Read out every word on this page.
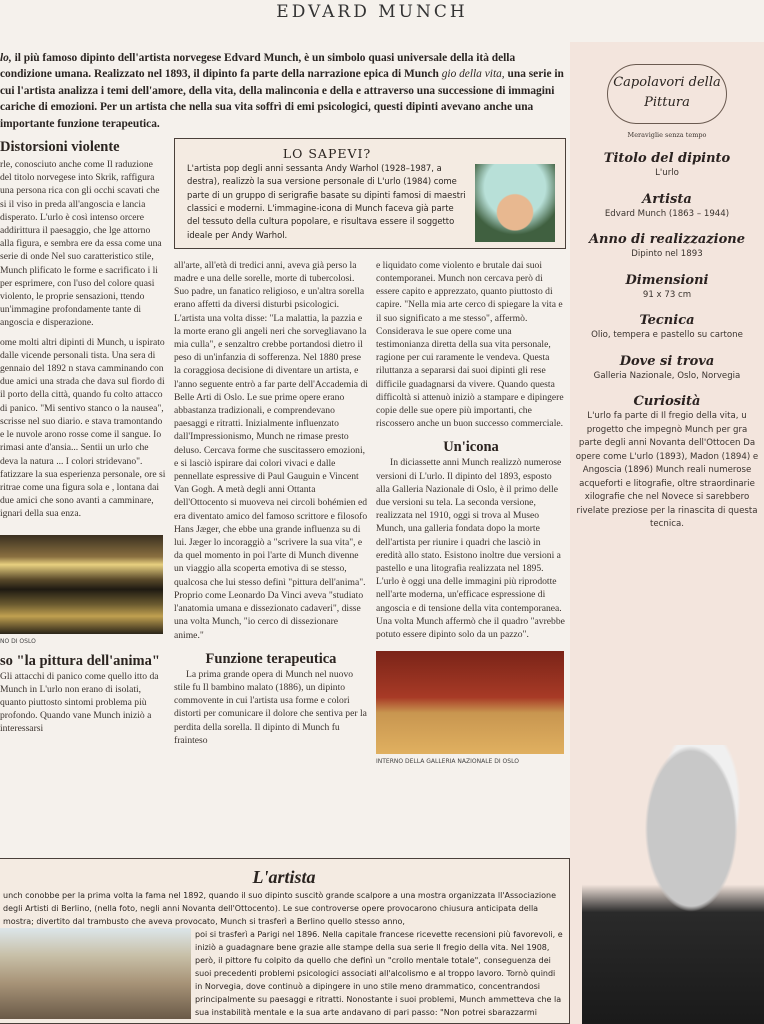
EDVARD MUNCH
lo, il più famoso dipinto dell'artista norvegese Edvard Munch, è un simbolo quasi universale della ità della condizione umana. Realizzato nel 1893, il dipinto fa parte della narrazione epica di Munch gio della vita, una serie in cui l'artista analizza i temi dell'amore, della vita, della malinconia e della e attraverso una successione di immagini cariche di emozioni. Per un artista che nella sua vita soffrì di emi psicologici, questi dipinti avevano anche una importante funzione terapeutica.
Distorsioni violente
rle, conosciuto anche come Il raduzione del titolo norvegese into Skrik, raffigura una persona rica con gli occhi scavati che si il viso in preda all'angoscia e lancia disperato. L'urlo è così intenso orcere addirittura il paesaggio, che lge attorno alla figura, e sembra ere da essa come una serie di onde Nel suo caratteristico stile, Munch plificato le forme e sacrificato i li per esprimere, con l'uso del colore quasi violento, le proprie sensazioni, ttendo un'immagine profondamente tante di angoscia e disperazione.
ome molti altri dipinti di Munch, u ispirato dalle vicende personali tista. Una sera di gennaio del 1892 n stava camminando con due amici una strada che dava sul fiordo di il porto della città, quando fu colto attacco di panico. "Mi sentivo stanco o la nausea", scrisse nel suo diario. e stava tramontando e le nuvole arono rosse come il sangue. Io rimasi ante d'ansia... Sentii un urlo che deva la natura ... I colori stridevano". fatizzare la sua esperienza personale, ore si ritrae come una figura sola e , lontana dai due amici che sono avanti a camminare, ignari della sua enza.
NO DI OSLO
so "la pittura dell'anima"
Gli attacchi di panico come quello itto da Munch in L'urlo non erano di isolati, quanto piuttosto sintomi problema più profondo. Quando vane Munch iniziò a interessarsi
LO SAPEVI?
L'artista pop degli anni sessanta Andy Warhol (1928–1987, a destra), realizzò la sua versione personale di L'urlo (1984) come parte di un gruppo di serigrafie basate su dipinti famosi di maestri classici e moderni. L'immagine-icona di Munch faceva già parte del tessuto della cultura popolare, e risultava essere il soggetto ideale per Andy Warhol.
all'arte, all'età di tredici anni, aveva già perso la madre e una delle sorelle, morte di tubercolosi. Suo padre, un fanatico religioso, e un'altra sorella erano affetti da diversi disturbi psicologici. L'artista una volta disse: "La malattia, la pazzia e la morte erano gli angeli neri che sorvegliavano la mia culla", e senzaltro crebbe portandosi dietro il peso di un'infanzia di sofferenza. Nel 1880 prese la coraggiosa decisione di diventare un artista, e l'anno seguente entrò a far parte dell'Accademia di Belle Arti di Oslo. Le sue prime opere erano abbastanza tradizionali, e comprendevano paesaggi e ritratti. Inizialmente influenzato dall'Impressionismo, Munch ne rimase presto deluso. Cercava forme che suscitassero emozioni, e si lasciò ispirare dai colori vivaci e dalle pennellate espressive di Paul Gauguin e Vincent Van Gogh. A metà degli anni Ottanta dell'Ottocento si muoveva nei circoli bohémien ed era diventato amico del famoso scrittore e filosofo Hans Jæger, che ebbe una grande influenza su di lui. Jæger lo incoraggiò a "scrivere la sua vita", e da quel momento in poi l'arte di Munch divenne un viaggio alla scoperta emotiva di se stesso, qualcosa che lui stesso definì "pittura dell'anima". Proprio come Leonardo Da Vinci aveva "studiato l'anatomia umana e dissezionato cadaveri", disse una volta Munch, "io cerco di dissezionare anime."
Funzione terapeutica
La prima grande opera di Munch nel nuovo stile fu Il bambino malato (1886), un dipinto commovente in cui l'artista usa forme e colori distorti per comunicare il dolore che sentiva per la perdita della sorella. Il dipinto di Munch fu frainteso
e liquidato come violento e brutale dai suoi contemporanei. Munch non cercava però di essere capito e apprezzato, quanto piuttosto di capire. "Nella mia arte cerco di spiegare la vita e il suo significato a me stesso", affermò. Considerava le sue opere come una testimonianza diretta della sua vita personale, ragione per cui raramente le vendeva. Questa riluttanza a separarsi dai suoi dipinti gli rese difficile guadagnarsi da vivere. Quando questa difficoltà si attenuò iniziò a stampare e dipingere copie delle sue opere più importanti, che riscossero anche un buon successo commerciale.
Un'icona
In diciassette anni Munch realizzò numerose versioni di L'urlo. Il dipinto del 1893, esposto alla Galleria Nazionale di Oslo, è il primo delle due versioni su tela. La seconda versione, realizzata nel 1910, oggi si trova al Museo Munch, una galleria fondata dopo la morte dell'artista per riunire i quadri che lasciò in eredità allo stato. Esistono inoltre due versioni a pastello e una litografia realizzata nel 1895. L'urlo è oggi una delle immagini più riprodotte nell'arte moderna, un'efficace espressione di angoscia e di tensione della vita contemporanea. Una volta Munch affermò che il quadro "avrebbe potuto essere dipinto solo da un pazzo".
INTERNO DELLA GALLERIA NAZIONALE DI OSLO
L'artista
unch conobbe per la prima volta la fama nel 1892, quando il suo dipinto suscitò grande scalpore a una mostra organizzata ll'Associazione degli Artisti di Berlino, (nella foto, negli anni Novanta dell'Ottocento). Le sue controverse opere provocarono chiusura anticipata della mostra; divertito dal trambusto che aveva provocato, Munch si trasferì a Berlino quello stesso anno,
poi si trasferì a Parigi nel 1896. Nella capitale francese ricevette recensioni più favorevoli, e iniziò a guadagnare bene grazie alle stampe della sua serie Il fregio della vita. Nel 1908, però, il pittore fu colpito da quello che definì un "crollo mentale totale", conseguenza dei suoi precedenti problemi psicologici associati all'alcolismo e al troppo lavoro. Tornò quindi in Norvegia, dove continuò a dipingere in uno stile meno drammatico, concentrandosi principalmente su paesaggi e ritratti. Nonostante i suoi problemi, Munch ammetteva che la sua instabilità mentale e la sua arte andavano di pari passo: "Non potrei sbarazzarmi
Capolavori della Pittura
Meraviglie senza tempo
Titolo del dipinto
L'urlo
Artista
Edvard Munch (1863 – 1944)
Anno di realizzazione
Dipinto nel 1893
Dimensioni
91 x 73 cm
Tecnica
Olio, tempera e pastello su cartone
Dove si trova
Galleria Nazionale, Oslo, Norvegia
Curiosità
L'urlo fa parte di Il fregio della vita, u progetto che impegnò Munch per gra parte degli anni Novanta dell'Ottocen Da opere come L'urlo (1893), Madon (1894) e Angoscia (1896) Munch reali numerose acqueforti e litografie, oltre straordinarie xilografie che nel Novece si sarebbero rivelate preziose per la rinascita di questa tecnica.
